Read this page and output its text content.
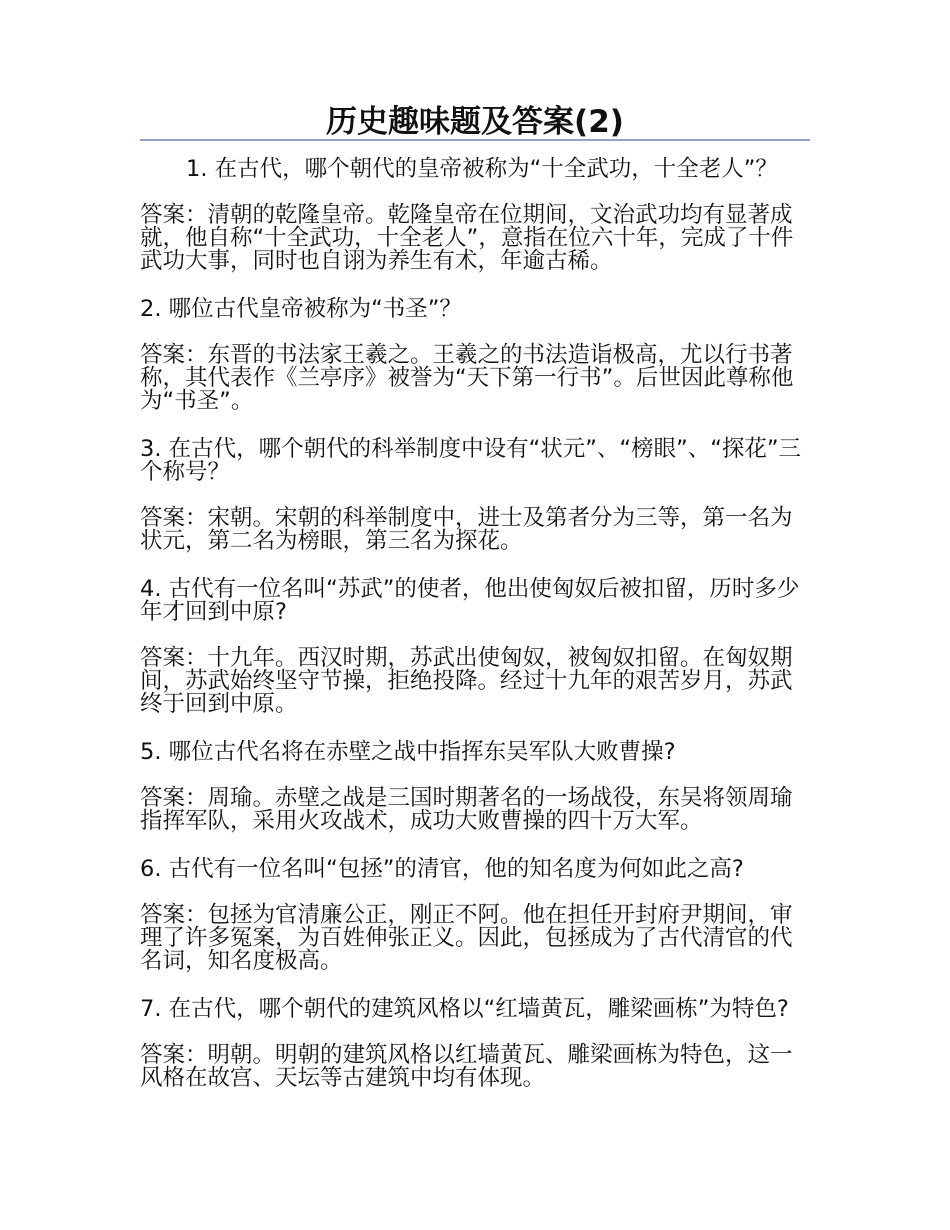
历史趣味题及答案(2)

1. 在古代，哪个朝代的皇帝被称为“十全武功，十全老人”？

答案：清朝的乾隆皇帝。乾隆皇帝在位期间，文治武功均有显著成就，他自称“十全武功，十全老人”，意指在位六十年，完成了十件武功大事，同时也自诩为养生有术，年逾古稀。

2. 哪位古代皇帝被称为“书圣”？

答案：东晋的书法家王羲之。王羲之的书法造诣极高，尤以行书著称，其代表作《兰亭序》被誉为“天下第一行书”。后世因此尊称他为“书圣”。

3. 在古代，哪个朝代的科举制度中设有“状元”、“榜眼”、“探花”三个称号？

答案：宋朝。宋朝的科举制度中，进士及第者分为三等，第一名为状元，第二名为榜眼，第三名为探花。

4. 古代有一位名叫“苏武”的使者，他出使匈奴后被扣留，历时多少年才回到中原?

答案：十九年。西汉时期，苏武出使匈奴，被匈奴扣留。在匈奴期间，苏武始终坚守节操，拒绝投降。经过十九年的艰苦岁月，苏武终于回到中原。

5. 哪位古代名将在赤壁之战中指挥东吴军队大败曹操?

答案：周瑜。赤壁之战是三国时期著名的一场战役，东吴将领周瑜指挥军队，采用火攻战术，成功大败曹操的四十万大军。

6. 古代有一位名叫“包拯”的清官，他的知名度为何如此之高?

答案：包拯为官清廉公正，刚正不阿。他在担任开封府尹期间，审理了许多冤案，为百姓伸张正义。因此，包拯成为了古代清官的代名词，知名度极高。

7. 在古代，哪个朝代的建筑风格以“红墙黄瓦，雕梁画栋”为特色?

答案：明朝。明朝的建筑风格以红墙黄瓦、雕梁画栋为特色，这一风格在故宫、天坛等古建筑中均有体现。
